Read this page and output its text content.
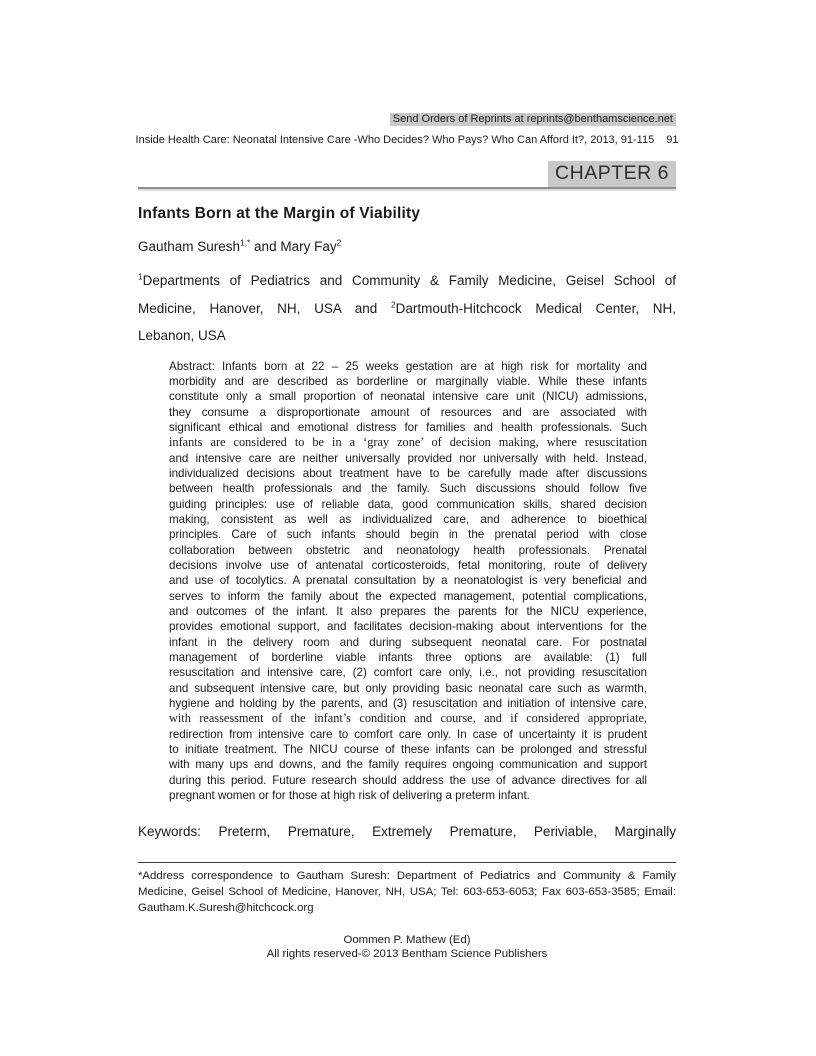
Send Orders of Reprints at reprints@benthamscience.net
Inside Health Care: Neonatal Intensive Care -Who Decides? Who Pays? Who Can Afford It?, 2013, 91-115 91
CHAPTER 6
Infants Born at the Margin of Viability
Gautham Suresh$^{1,*}$ and Mary Fay$^2$
$^1$Departments of Pediatrics and Community & Family Medicine, Geisel School of
Medicine, Hanover, NH, USA and $^2$Dartmouth-Hitchcock Medical Center, NH,
Lebanon, USA
Abstract: Infants born at 22 – 25 weeks gestation are at high risk for mortality and
morbidity and are described as borderline or marginally viable. While these infants
constitute only a small proportion of neonatal intensive care unit (NICU) admissions,
they consume a disproportionate amount of resources and are associated with
significant ethical and emotional distress for families and health professionals. Such
infants are considered to be in a ‘gray zone’ of decision making, where resuscitation
and intensive care are neither universally provided nor universally with held. Instead,
individualized decisions about treatment have to be carefully made after discussions
between health professionals and the family. Such discussions should follow five
guiding principles: use of reliable data, good communication skills, shared decision
making, consistent as well as individualized care, and adherence to bioethical
principles. Care of such infants should begin in the prenatal period with close
collaboration between obstetric and neonatology health professionals. Prenatal
decisions involve use of antenatal corticosteroids, fetal monitoring, route of delivery
and use of tocolytics. A prenatal consultation by a neonatologist is very beneficial and
serves to inform the family about the expected management, potential complications,
and outcomes of the infant. It also prepares the parents for the NICU experience,
provides emotional support, and facilitates decision-making about interventions for the
infant in the delivery room and during subsequent neonatal care. For postnatal
management of borderline viable infants three options are available: (1) full
resuscitation and intensive care, (2) comfort care only, i.e., not providing resuscitation
and subsequent intensive care, but only providing basic neonatal care such as warmth,
hygiene and holding by the parents, and (3) resuscitation and initiation of intensive care,
with reassessment of the infant’s condition and course, and if considered appropriate,
redirection from intensive care to comfort care only. In case of uncertainty it is prudent
to initiate treatment. The NICU course of these infants can be prolonged and stressful
with many ups and downs, and the family requires ongoing communication and support
during this period. Future research should address the use of advance directives for all
pregnant women or for those at high risk of delivering a preterm infant.
Keywords: Preterm, Premature, Extremely Premature, Periviable, Marginally
*Address correspondence to Gautham Suresh: Department of Pediatrics and Community & Family
Medicine, Geisel School of Medicine, Hanover, NH, USA; Tel: 603-653-6053; Fax 603-653-3585; Email:
Gautham.K.Suresh@hitchcock.org
Oommen P. Mathew (Ed)
All rights reserved-© 2013 Bentham Science Publishers
